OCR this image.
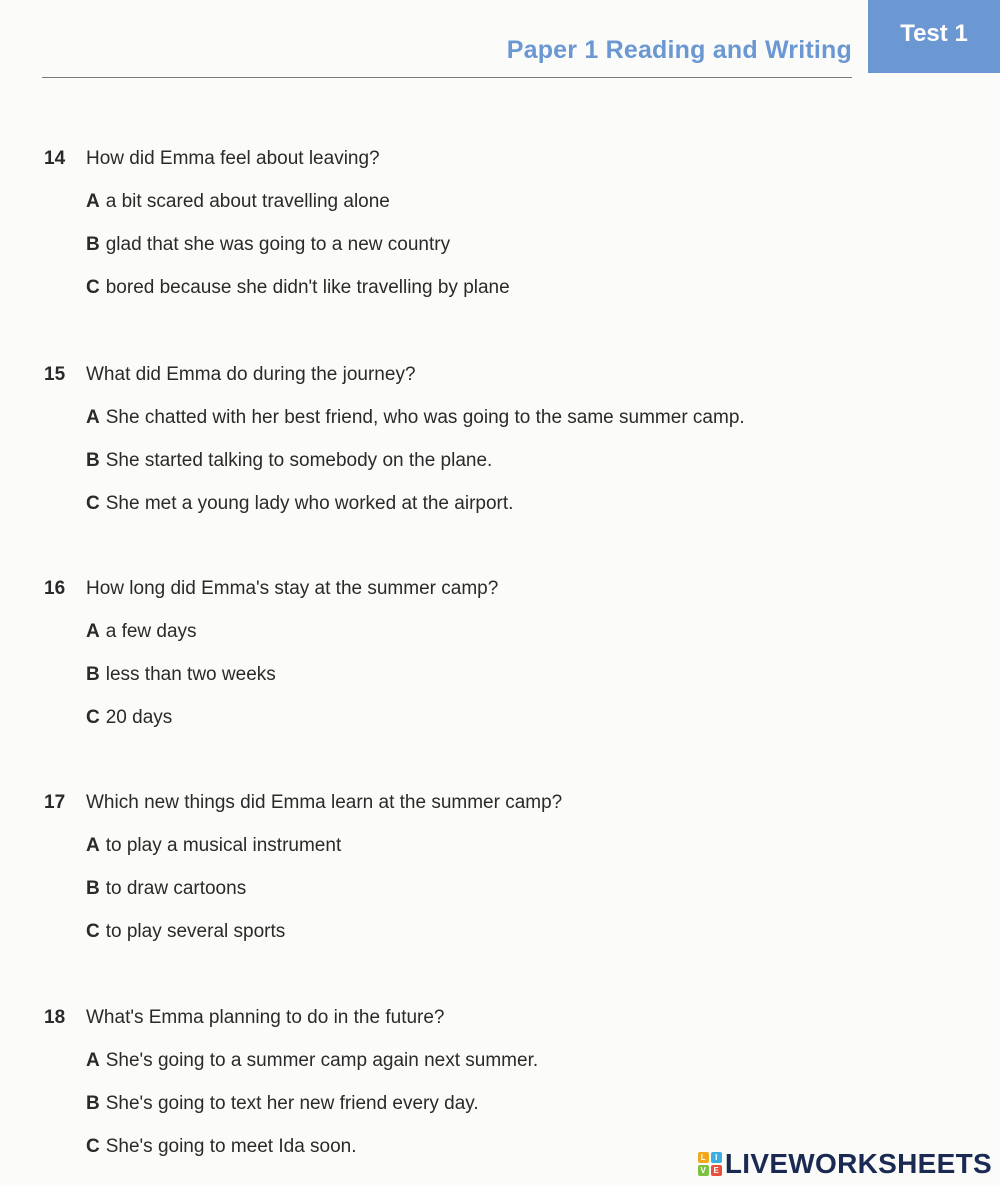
Paper 1 Reading and Writing
Test 1
14	How did Emma feel about leaving?
A a bit scared about travelling alone
B glad that she was going to a new country
C bored because she didn't like travelling by plane
15	What did Emma do during the journey?
A She chatted with her best friend, who was going to the same summer camp.
B She started talking to somebody on the plane.
C She met a young lady who worked at the airport.
16	How long did Emma's stay at the summer camp?
A a few days
B less than two weeks
C 20 days
17	Which new things did Emma learn at the summer camp?
A to play a musical instrument
B to draw cartoons
C to play several sports
18	What's Emma planning to do in the future?
A She's going to a summer camp again next summer.
B She's going to text her new friend every day.
C She's going to meet Ida soon.
L	I
V E LIVEWORKSHEETS
